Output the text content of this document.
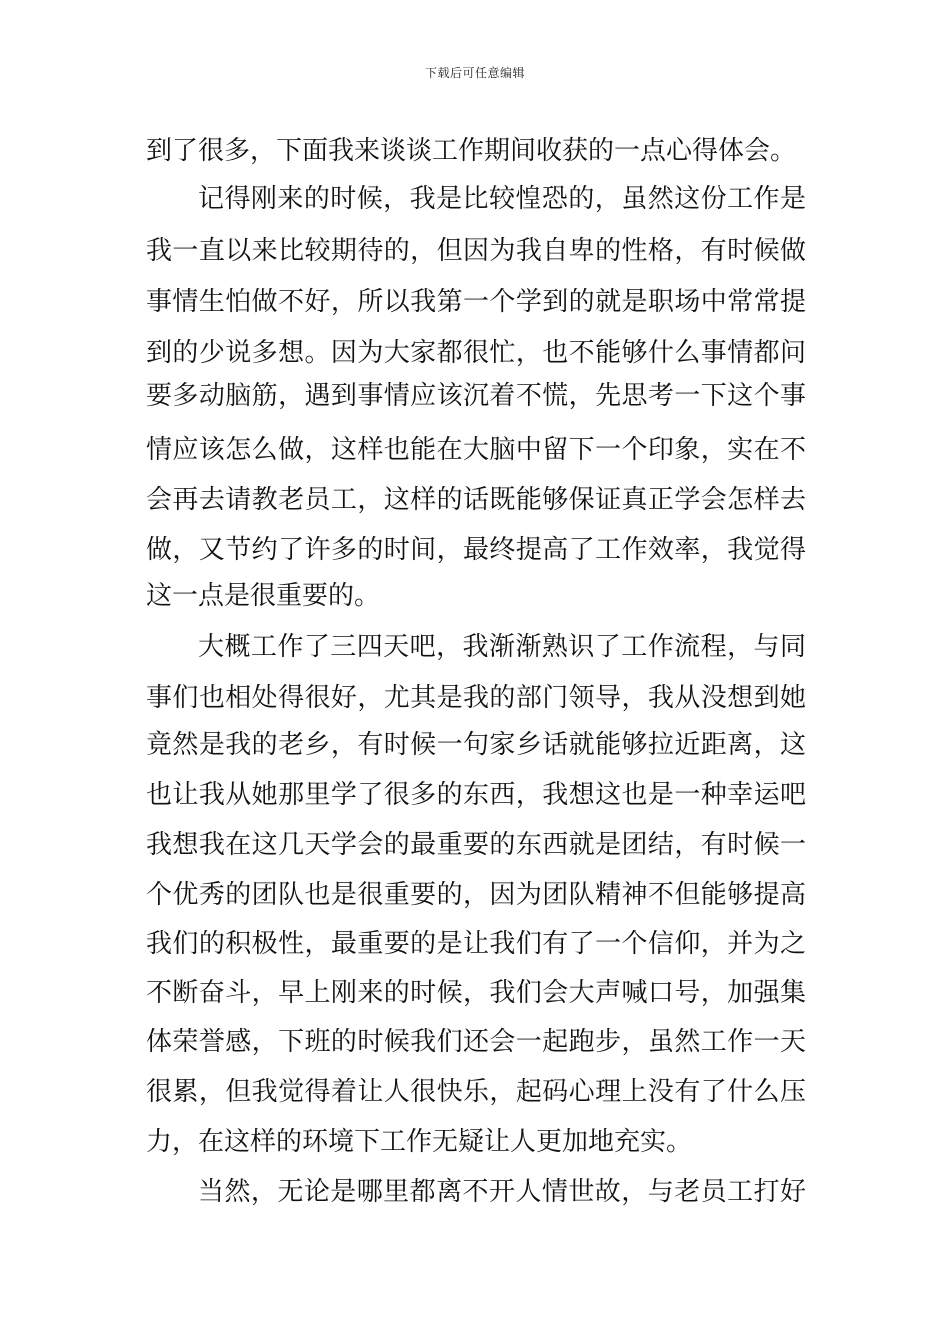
下载后可任意编辑
到了很多，下面我来谈谈工作期间收获的一点心得体会。
记得刚来的时候，我是比较惶恐的，虽然这份工作是
我一直以来比较期待的，但因为我自卑的性格，有时候做
事情生怕做不好，所以我第一个学到的就是职场中常常提
到的少说多想。因为大家都很忙，也不能够什么事情都问
要多动脑筋，遇到事情应该沉着不慌，先思考一下这个事
情应该怎么做，这样也能在大脑中留下一个印象，实在不
会再去请教老员工，这样的话既能够保证真正学会怎样去
做，又节约了许多的时间，最终提高了工作效率，我觉得
这一点是很重要的。
大概工作了三四天吧，我渐渐熟识了工作流程，与同
事们也相处得很好，尤其是我的部门领导，我从没想到她
竟然是我的老乡，有时候一句家乡话就能够拉近距离，这
也让我从她那里学了很多的东西，我想这也是一种幸运吧
我想我在这几天学会的最重要的东西就是团结，有时候一
个优秀的团队也是很重要的，因为团队精神不但能够提高
我们的积极性，最重要的是让我们有了一个信仰，并为之
不断奋斗，早上刚来的时候，我们会大声喊口号，加强集
体荣誉感，下班的时候我们还会一起跑步，虽然工作一天
很累，但我觉得着让人很快乐，起码心理上没有了什么压
力，在这样的环境下工作无疑让人更加地充实。
当然，无论是哪里都离不开人情世故，与老员工打好
